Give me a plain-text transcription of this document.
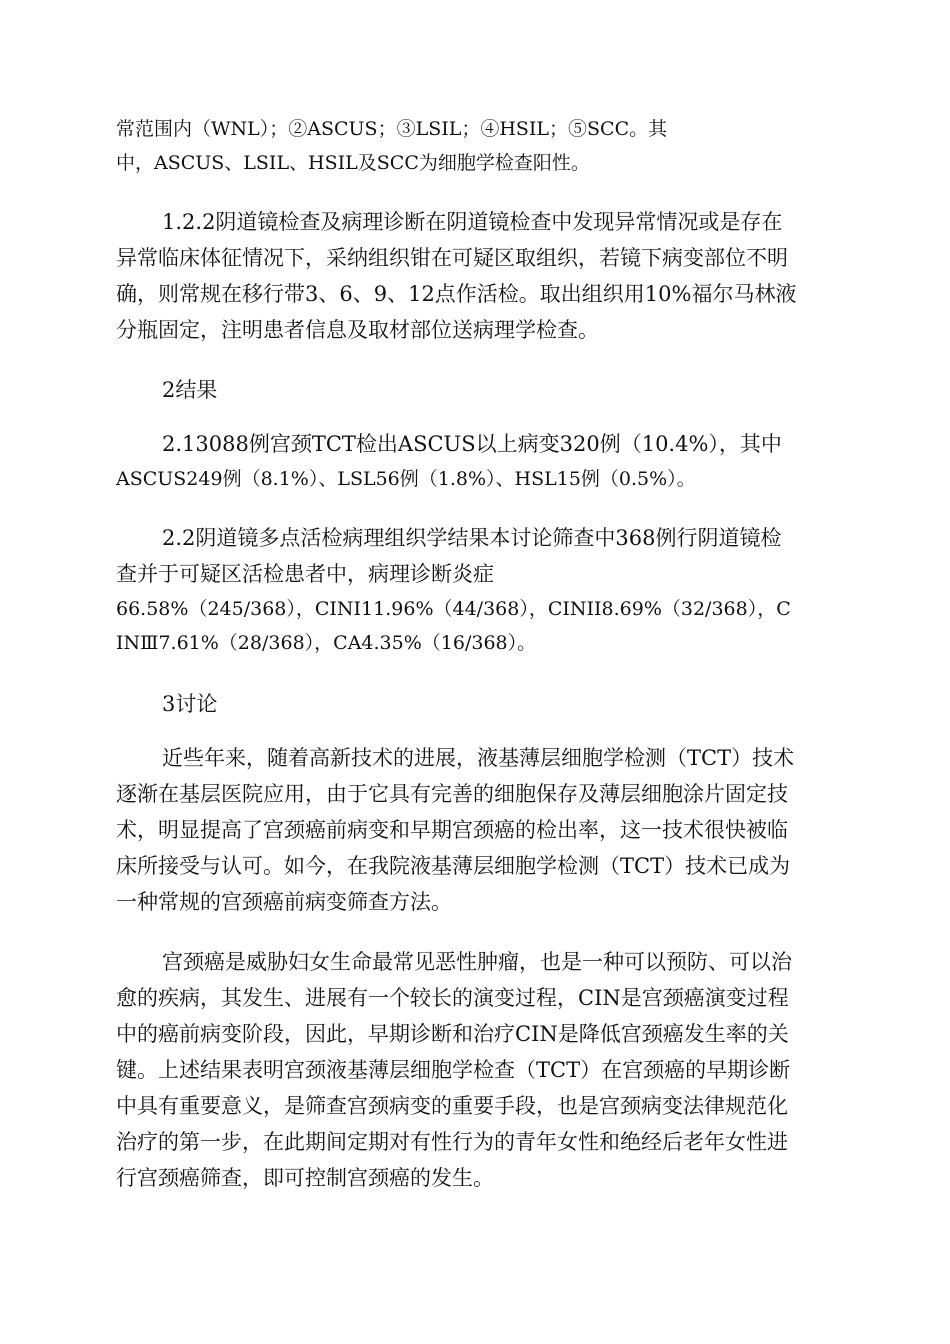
常范围内（WNL）；②ASCUS；③LSIL；④HSIL；⑤SCC。其
中，ASCUS、LSIL、HSIL及SCC为细胞学检查阳性。
1.2.2阴道镜检查及病理诊断在阴道镜检查中发现异常情况或是存在
异常临床体征情况下，采纳组织钳在可疑区取组织，若镜下病变部位不明
确，则常规在移行带3、6、9、12点作活检。取出组织用10%福尔马林液
分瓶固定，注明患者信息及取材部位送病理学检查。
2结果
2.13088例宫颈TCT检出ASCUS以上病变320例（10.4%），其中
ASCUS249例（8.1%）、LSL56例（1.8%）、HSL15例（0.5%）。
2.2阴道镜多点活检病理组织学结果本讨论筛查中368例行阴道镜检
查并于可疑区活检患者中，病理诊断炎症
66.58%（245/368），CINI11.96%（44/368），CINII8.69%（32/368），C
INⅢ7.61%（28/368），CA4.35%（16/368）。
3讨论
近些年来，随着高新技术的进展，液基薄层细胞学检测（TCT）技术
逐渐在基层医院应用，由于它具有完善的细胞保存及薄层细胞涂片固定技
术，明显提高了宫颈癌前病变和早期宫颈癌的检出率，这一技术很快被临
床所接受与认可。如今，在我院液基薄层细胞学检测（TCT）技术已成为
一种常规的宫颈癌前病变筛查方法。
宫颈癌是威胁妇女生命最常见恶性肿瘤，也是一种可以预防、可以治
愈的疾病，其发生、进展有一个较长的演变过程，CIN是宫颈癌演变过程
中的癌前病变阶段，因此，早期诊断和治疗CIN是降低宫颈癌发生率的关
键。上述结果表明宫颈液基薄层细胞学检查（TCT）在宫颈癌的早期诊断
中具有重要意义，是筛查宫颈病变的重要手段，也是宫颈病变法律规范化
治疗的第一步，在此期间定期对有性行为的青年女性和绝经后老年女性进
行宫颈癌筛查，即可控制宫颈癌的发生。
